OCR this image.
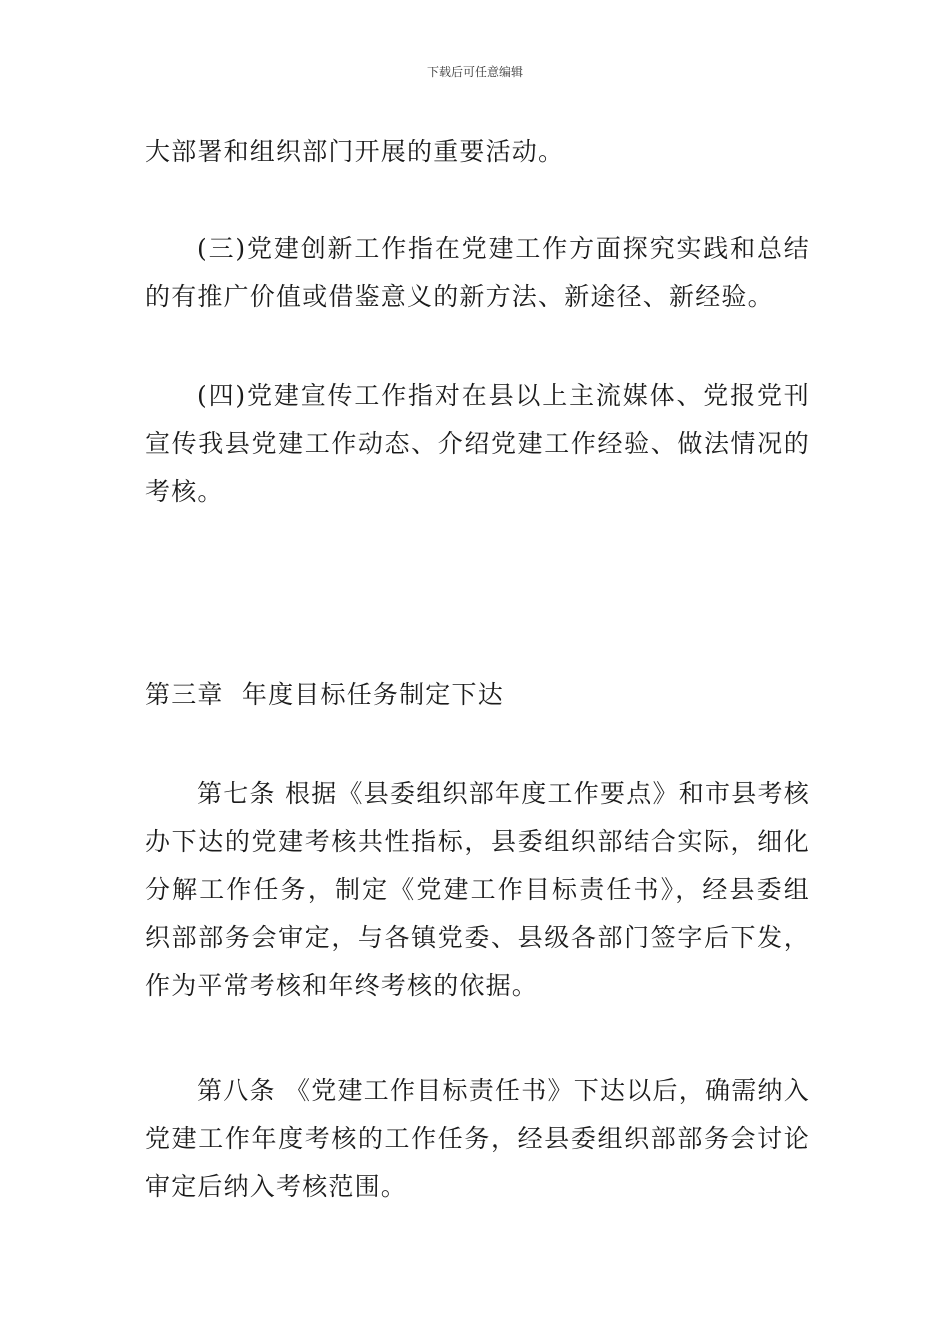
下载后可任意编辑

大部署和组织部门开展的重要活动。

(三)党建创新工作指在党建工作方面探究实践和总结的有推广价值或借鉴意义的新方法、新途径、新经验。

(四)党建宣传工作指对在县以上主流媒体、党报党刊宣传我县党建工作动态、介绍党建工作经验、做法情况的考核。

第三章  年度目标任务制定下达

第七条 根据《县委组织部年度工作要点》和市县考核办下达的党建考核共性指标，县委组织部结合实际，细化分解工作任务，制定《党建工作目标责任书》，经县委组织部部务会审定，与各镇党委、县级各部门签字后下发，作为平常考核和年终考核的依据。

第八条 《党建工作目标责任书》下达以后，确需纳入党建工作年度考核的工作任务，经县委组织部部务会讨论审定后纳入考核范围。
